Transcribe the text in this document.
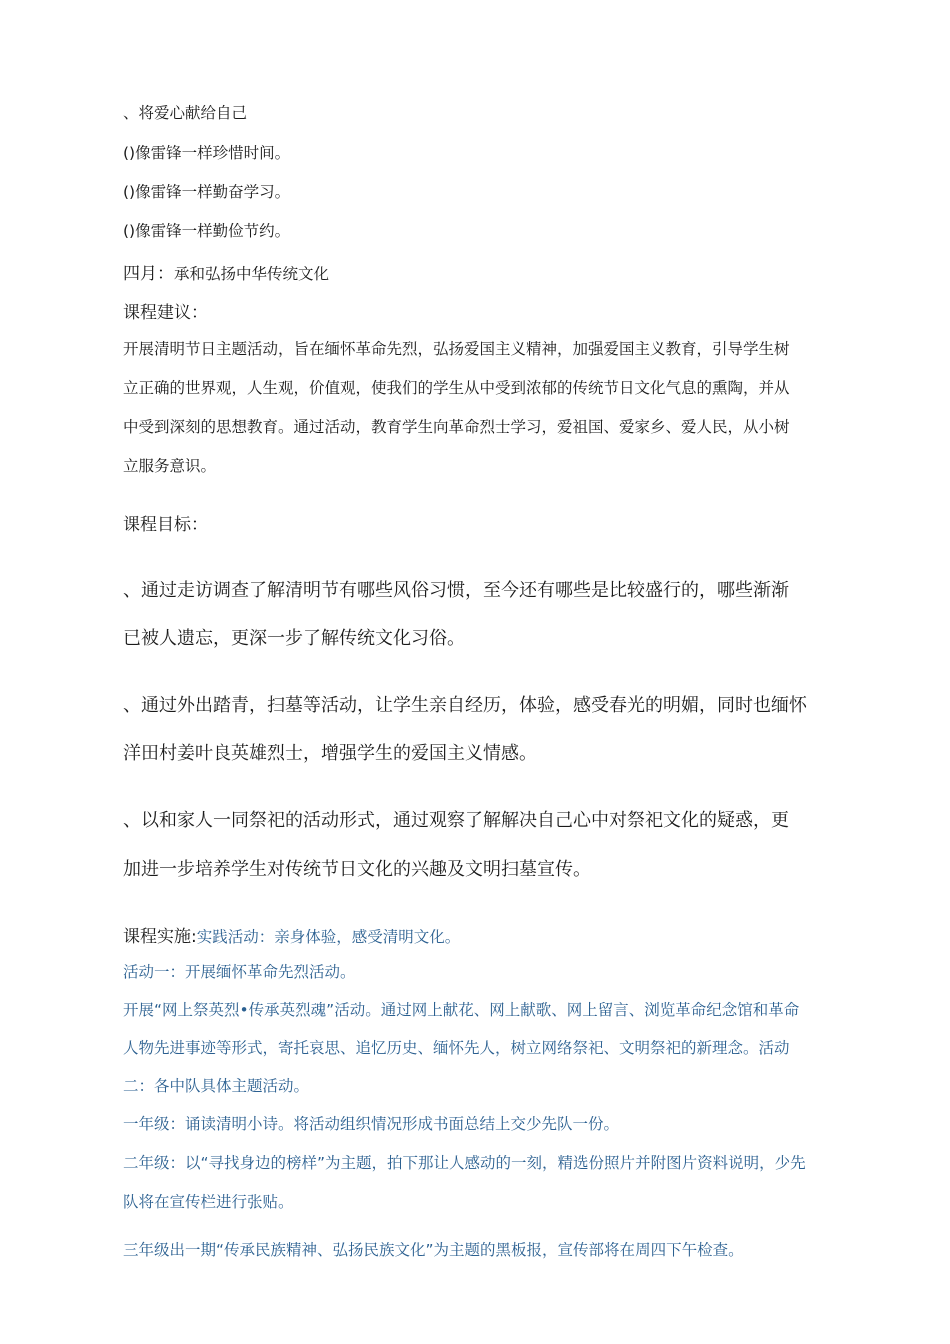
、将爱心献给自己
()像雷锋一样珍惜时间。
()像雷锋一样勤奋学习。
()像雷锋一样勤俭节约。
四月：承和弘扬中华传统文化
课程建议：
开展清明节日主题活动，旨在缅怀革命先烈，弘扬爱国主义精神，加强爱国主义教育，引导学生树
立正确的世界观，人生观，价值观，使我们的学生从中受到浓郁的传统节日文化气息的熏陶，并从
中受到深刻的思想教育。通过活动，教育学生向革命烈士学习，爱祖国、爱家乡、爱人民，从小树
立服务意识。
课程目标：
、通过走访调查了解清明节有哪些风俗习惯，至今还有哪些是比较盛行的，哪些渐渐
已被人遗忘，更深一步了解传统文化习俗。
、通过外出踏青，扫墓等活动，让学生亲自经历，体验，感受春光的明媚，同时也缅怀
洋田村姜叶良英雄烈士，增强学生的爱国主义情感。
、以和家人一同祭祀的活动形式，通过观察了解解决自己心中对祭祀文化的疑惑，更
加进一步培养学生对传统节日文化的兴趣及文明扫墓宣传。
课程实施:实践活动：亲身体验，感受清明文化。
活动一：开展缅怀革命先烈活动。
开展“网上祭英烈•传承英烈魂”活动。通过网上献花、网上献歌、网上留言、浏览革命纪念馆和革命
人物先进事迹等形式，寄托哀思、追忆历史、缅怀先人，树立网络祭祀、文明祭祀的新理念。活动
二：各中队具体主题活动。
一年级：诵读清明小诗。将活动组织情况形成书面总结上交少先队一份。
二年级：以“寻找身边的榜样”为主题，拍下那让人感动的一刻，精选份照片并附图片资料说明，少先
队将在宣传栏进行张贴。
三年级出一期“传承民族精神、弘扬民族文化”为主题的黑板报，宣传部将在周四下午检查。
